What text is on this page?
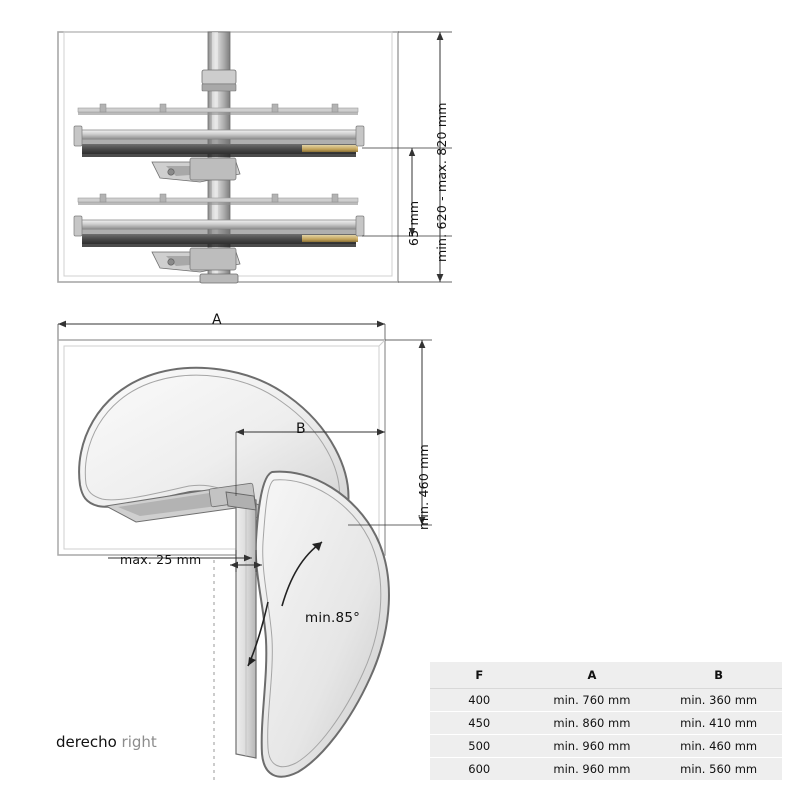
min. 620 - max. 820 mm
65 mm
A
B
min. 460 mm
max. 25 mm
min.85°
derecho right
F	A	B
400	min. 760 mm	min. 360 mm
450	min. 860 mm	min. 410 mm
500	min. 960 mm	min. 460 mm
600	min. 960 mm	min. 560 mm
